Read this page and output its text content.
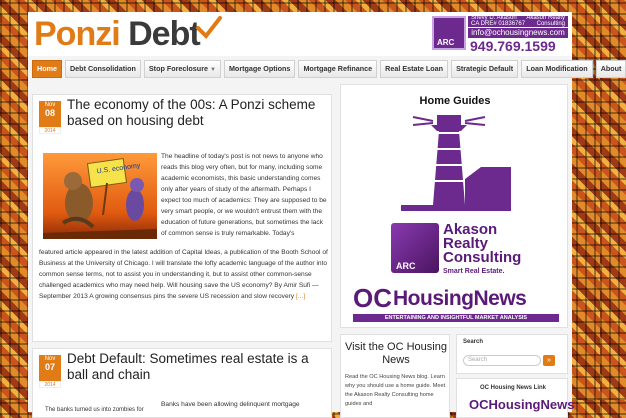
Ponzi Debt	ARC
Shevy D. Akason
CA DRE# 01836767
Akason Realty
Consulting
info@ochousingnews.com
949.769.1599
Home	Debt Consolidation	Stop Foreclosure ▼	Mortgage Options	Mortgage Refinance	Real Estate Loan	Strategic Default	Loan Modification	About
Nov
08
2014
The economy of the 00s: A Ponzi scheme based on housing debt
U.S. economy
The headline of today's post is not news to anyone who reads this blog very often, but for many, including some academic economists, this basic understanding comes only after years of study of the aftermath. Perhaps I expect too much of academics: They are supposed to be very smart people, or we wouldn't entrust them with the education of future generations, but sometimes the lack of common sense is truly remarkable. Today's
featured article appeared in the latest addition of Capital Ideas, a publication of the Booth School of Business at the University of Chicago. I will translate the lofty academic language of the author into common sense terms, not to assist you in understanding it, but to assist other common-sense challenged academics who may need help. Will housing save the US economy? By Amir Sufi — September 2013 A growing consensus pins the severe US recession and slow recovery [...]
Nov
07
2014
Debt Default: Sometimes real estate is a ball and chain
The banks turned us into zombies for
Banks have been allowing delinquent mortgage
Home Guides
ARC
Akason
Realty
Consulting
Smart Real Estate.
OC HousingNews
ENTERTAINING AND INSIGHTFUL MARKET ANALYSIS
Visit the OC Housing News
Read the OC Housing News blog. Learn why you should use a home guide. Meet the Akason Realty Consulting home guides and
Search
Search	»
OC Housing News Link
OCHousingNews
